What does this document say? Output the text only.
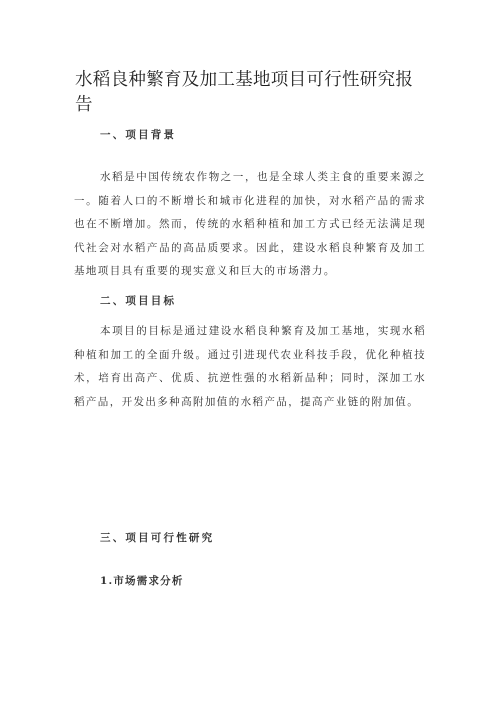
水稻良种繁育及加工基地项目可行性研究报告
一、项目背景

水稻是中国传统农作物之一，也是全球人类主食的重要来源之一。随着人口的不断增长和城市化进程的加快，对水稻产品的需求也在不断增加。然而，传统的水稻种植和加工方式已经无法满足现代社会对水稻产品的高品质要求。因此，建设水稻良种繁育及加工基地项目具有重要的现实意义和巨大的市场潜力。

二、项目目标

本项目的目标是通过建设水稻良种繁育及加工基地，实现水稻种植和加工的全面升级。通过引进现代农业科技手段，优化种植技术，培育出高产、优质、抗逆性强的水稻新品种；同时，深加工水稻产品，开发出多种高附加值的水稻产品，提高产业链的附加值。

三、项目可行性研究
1.市场需求分析
